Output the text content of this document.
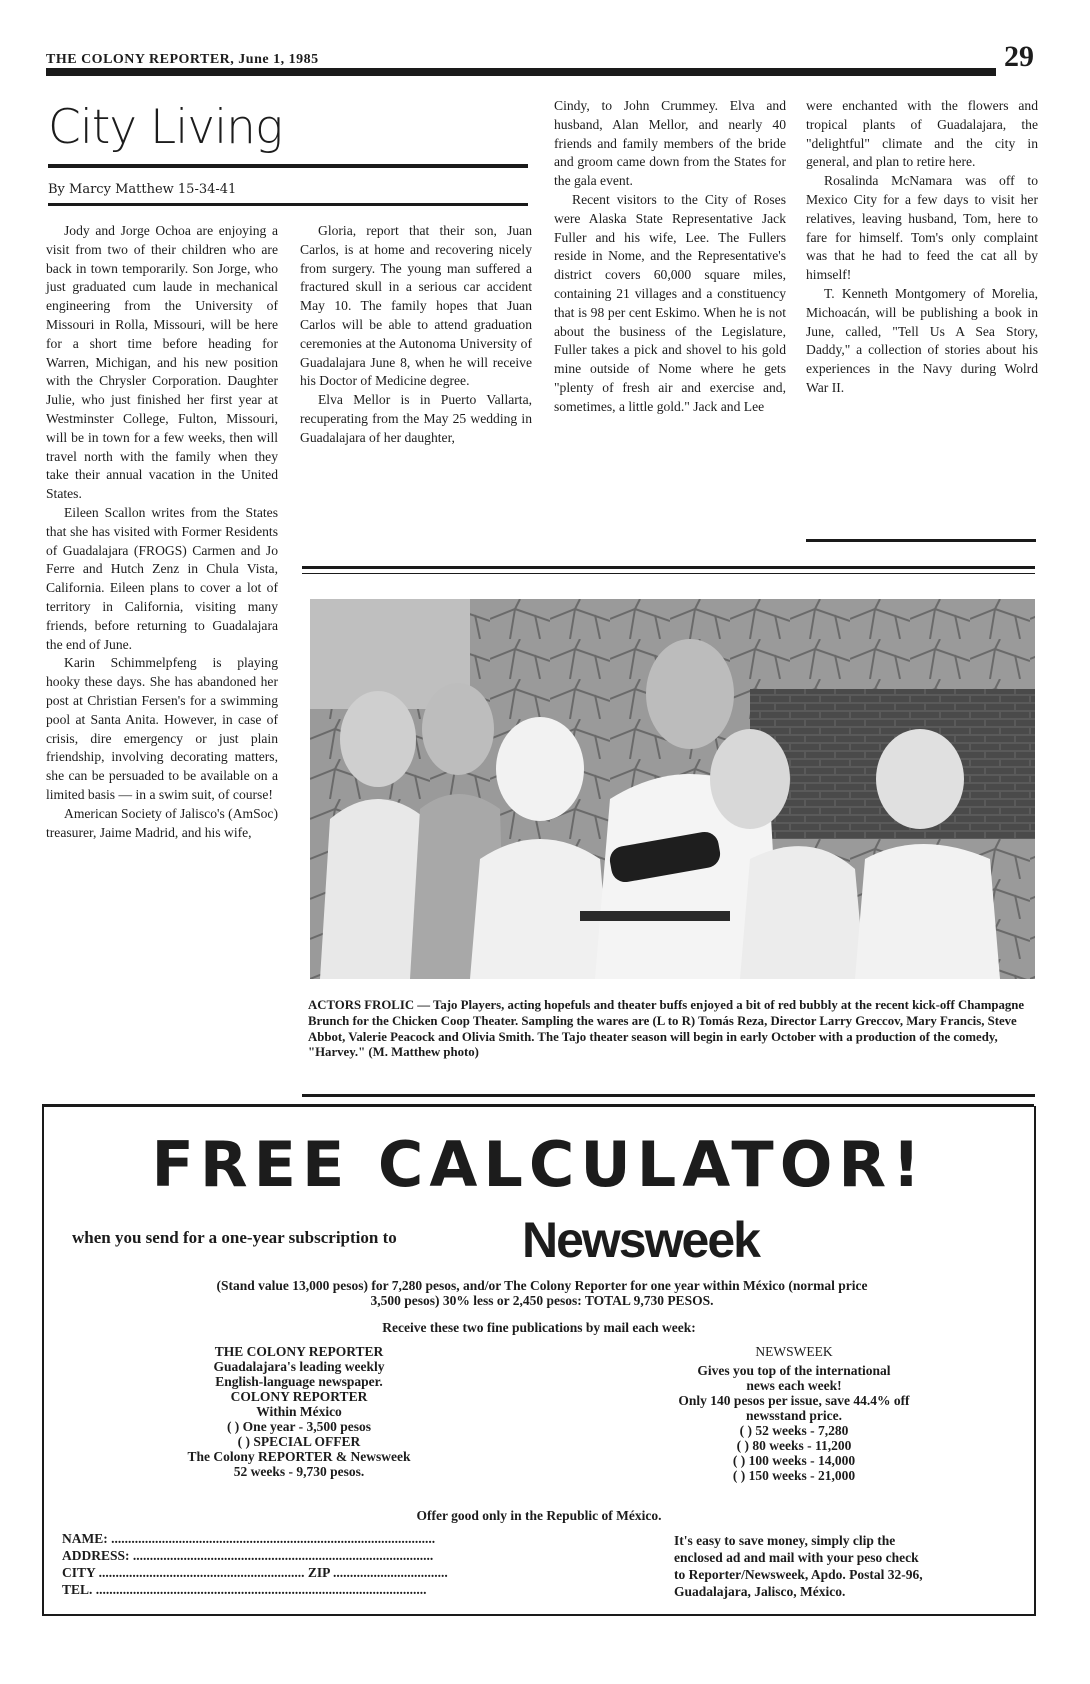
THE COLONY REPORTER, June 1, 1985	29
City Living
By Marcy Matthew 15-34-41

Jody and Jorge Ochoa are enjoying a visit from two of their children who are back in town temporarily. Son Jorge, who just graduated cum laude in mechanical engineering from the University of Missouri in Rolla, Missouri, will be here for a short time before heading for Warren, Michigan, and his new position with the Chrysler Corporation. Daughter Julie, who just finished her first year at Westminster College, Fulton, Missouri, will be in town for a few weeks, then will travel north with the family when they take their annual vacation in the United States.

Eileen Scallon writes from the States that she has visited with Former Residents of Guadalajara (FROGS) Carmen and Jo Ferre and Hutch Zenz in Chula Vista, California. Eileen plans to cover a lot of territory in California, visiting many friends, before returning to Guadalajara the end of June.

Karin Schimmelpfeng is playing hooky these days. She has abandoned her post at Christian Fersen's for a swimming pool at Santa Anita. However, in case of crisis, dire emergency or just plain friendship, involving decorating matters, she can be persuaded to be available on a limited basis — in a swim suit, of course!

American Society of Jalisco's (AmSoc) treasurer, Jaime Madrid, and his wife,

Gloria, report that their son, Juan Carlos, is at home and recovering nicely from surgery. The young man suffered a fractured skull in a serious car accident May 10. The family hopes that Juan Carlos will be able to attend graduation ceremonies at the Autonoma University of Guadalajara June 8, when he will receive his Doctor of Medicine degree.

Elva Mellor is in Puerto Vallarta, recuperating from the May 25 wedding in Guadalajara of her daughter,

Cindy, to John Crummey. Elva and husband, Alan Mellor, and nearly 40 friends and family members of the bride and groom came down from the States for the gala event.

Recent visitors to the City of Roses were Alaska State Representative Jack Fuller and his wife, Lee. The Fullers reside in Nome, and the Representative's district covers 60,000 square miles, containing 21 villages and a constituency that is 98 per cent Eskimo. When he is not about the business of the Legislature, Fuller takes a pick and shovel to his gold mine outside of Nome where he gets "plenty of fresh air and exercise and, sometimes, a little gold." Jack and Lee

were enchanted with the flowers and tropical plants of Guadalajara, the "delightful" climate and the city in general, and plan to retire here.

Rosalinda McNamara was off to Mexico City for a few days to visit her relatives, leaving husband, Tom, here to fare for himself. Tom's only complaint was that he had to feed the cat all by himself!

T. Kenneth Montgomery of Morelia, Michoacán, will be publishing a book in June, called, "Tell Us A Sea Story, Daddy," a collection of stories about his experiences in the Navy during Wolrd War II.

ACTORS FROLIC — Tajo Players, acting hopefuls and theater buffs enjoyed a bit of red bubbly at the recent kick-off Champagne Brunch for the Chicken Coop Theater. Sampling the wares are (L to R) Tomás Reza, Director Larry Greccov, Mary Francis, Steve Abbot, Valerie Peacock and Olivia Smith. The Tajo theater season will begin in early October with a production of the comedy, "Harvey." (M. Matthew photo)
FREE CALCULATOR!
when you send for a one-year subscription to	Newsweek
(Stand value 13,000 pesos) for 7,280 pesos, and/or The Colony Reporter for one year within México (normal price
3,500 pesos) 30% less or 2,450 pesos: TOTAL 9,730 PESOS.
Receive these two fine publications by mail each week:
THE COLONY REPORTER
Guadalajara's leading weekly
English-language newspaper.
COLONY REPORTER
Within México
( ) One year - 3,500 pesos
( ) SPECIAL OFFER
The Colony REPORTER & Newsweek
52 weeks - 9,730 pesos.
NEWSWEEK
Gives you top of the international
news each week!
Only 140 pesos per issue, save 44.4% off
newsstand price.
( ) 52 weeks - 7,280
( ) 80 weeks - 11,200
( ) 100 weeks - 14,000
( ) 150 weeks - 21,000
Offer good only in the Republic of México.
NAME: ................................................................................................
ADDRESS: .........................................................................................
CITY ............................................................. ZIP ..................................
TEL. ..................................................................................................
It's easy to save money, simply clip the
enclosed ad and mail with your peso check
to Reporter/Newsweek, Apdo. Postal 32-96,
Guadalajara, Jalisco, México.
